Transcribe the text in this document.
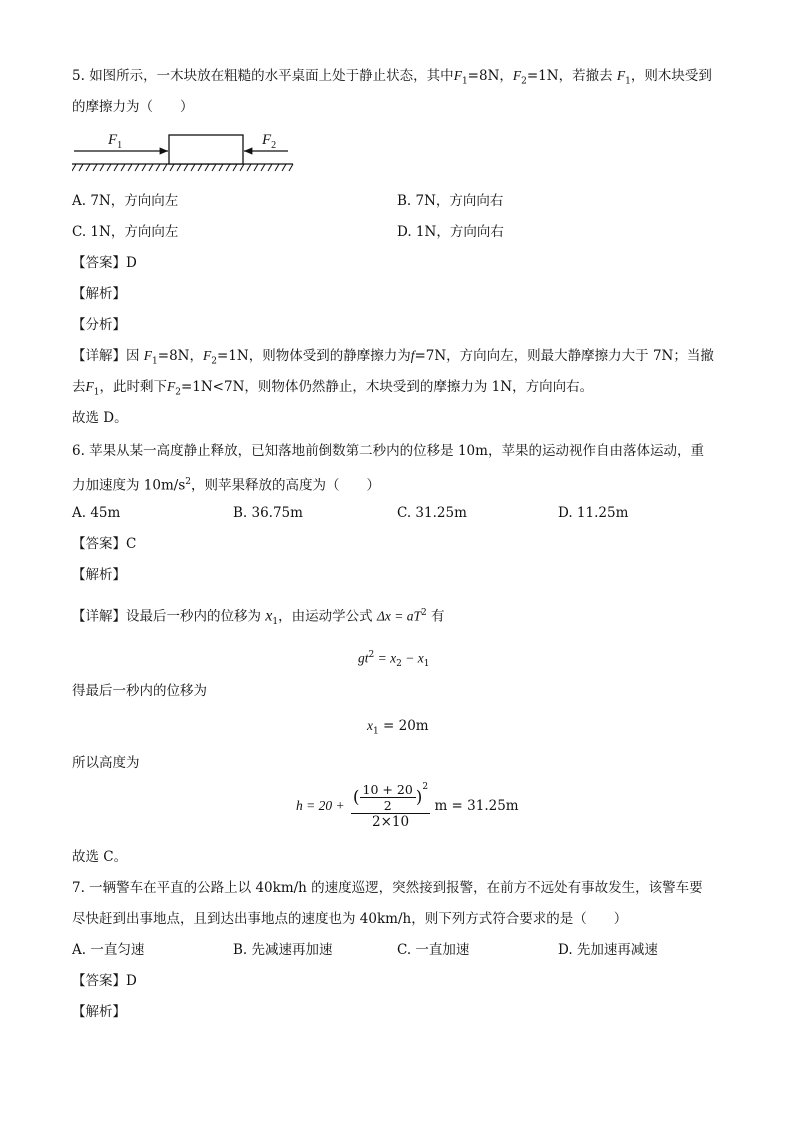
5. 如图所示，一木块放在粗糙的水平桌面上处于静止状态，其中$F_1=8N$，$F_2=1N$，若撤去 $F_1$，则木块受到
的摩擦力为（　　）
$F_1$	$F_2$
A. 7N，方向向左	B. 7N，方向向右
C. 1N，方向向左	D. 1N，方向向右
【答案】D
【解析】
【分析】
【详解】因 $F_1=8N$，$F_2=1N$，则物体受到的静摩擦力为f=7N，方向向左，则最大静摩擦力大于 7N；当撤
去$F_1$，此时剩下$F_2=1N<7N$，则物体仍然静止，木块受到的摩擦力为 1N，方向向右。
故选 D。
6. 苹果从某一高度静止释放，已知落地前倒数第二秒内的位移是 10m，苹果的运动视作自由落体运动，重
力加速度为 $10m/s^2$，则苹果释放的高度为（　　）
A. 45m	B. 36.75m	C. 31.25m	D. 11.25m
【答案】C
【解析】
【详解】设最后一秒内的位移为 $x_1$，由运动学公式 $\Delta x = aT^2$ 有
$gt^2 = x_2 - x_1$
得最后一秒内的位移为
$x_1 = 20m$
所以高度为
$h = 20 + \frac{( \frac{10 + 20}{2} )^2}{2\times 10}$ m = 31.25m
故选 C。
7. 一辆警车在平直的公路上以 40km/h 的速度巡逻，突然接到报警，在前方不远处有事故发生，该警车要
尽快赶到出事地点，且到达出事地点的速度也为 40km/h，则下列方式符合要求的是（　　）
A. 一直匀速	B. 先减速再加速	C. 一直加速	D. 先加速再减速
【答案】D
【解析】
